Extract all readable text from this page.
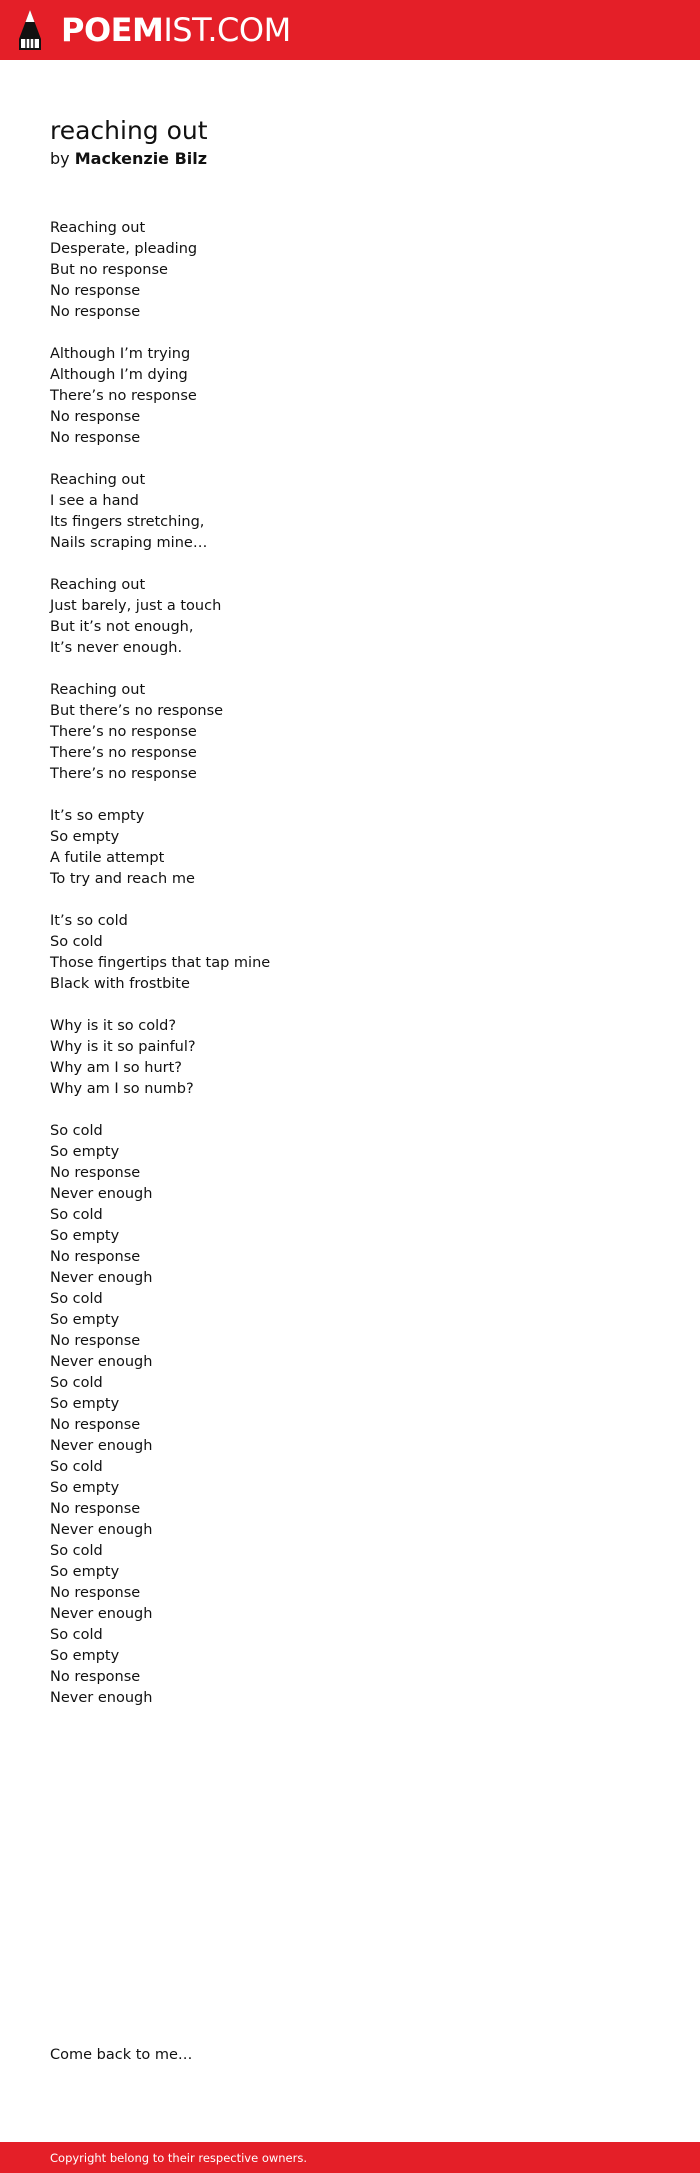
POEMIST.COM
reaching out
by Mackenzie Bilz
Reaching out
Desperate, pleading
But no response
No response
No response
Although I’m trying
Although I’m dying
There’s no response
No response
No response
Reaching out
I see a hand
Its fingers stretching,
Nails scraping mine…
Reaching out
Just barely, just a touch
But it’s not enough,
It’s never enough.
Reaching out
But there’s no response
There’s no response
There’s no response
There’s no response
It’s so empty
So empty
A futile attempt
To try and reach me
It’s so cold
So cold
Those fingertips that tap mine
Black with frostbite
Why is it so cold?
Why is it so painful?
Why am I so hurt?
Why am I so numb?
So cold
So empty
No response
Never enough
So cold
So empty
No response
Never enough
So cold
So empty
No response
Never enough
So cold
So empty
No response
Never enough
So cold
So empty
No response
Never enough
So cold
So empty
No response
Never enough
So cold
So empty
No response
Never enough
Come back to me…
Copyright belong to their respective owners.
